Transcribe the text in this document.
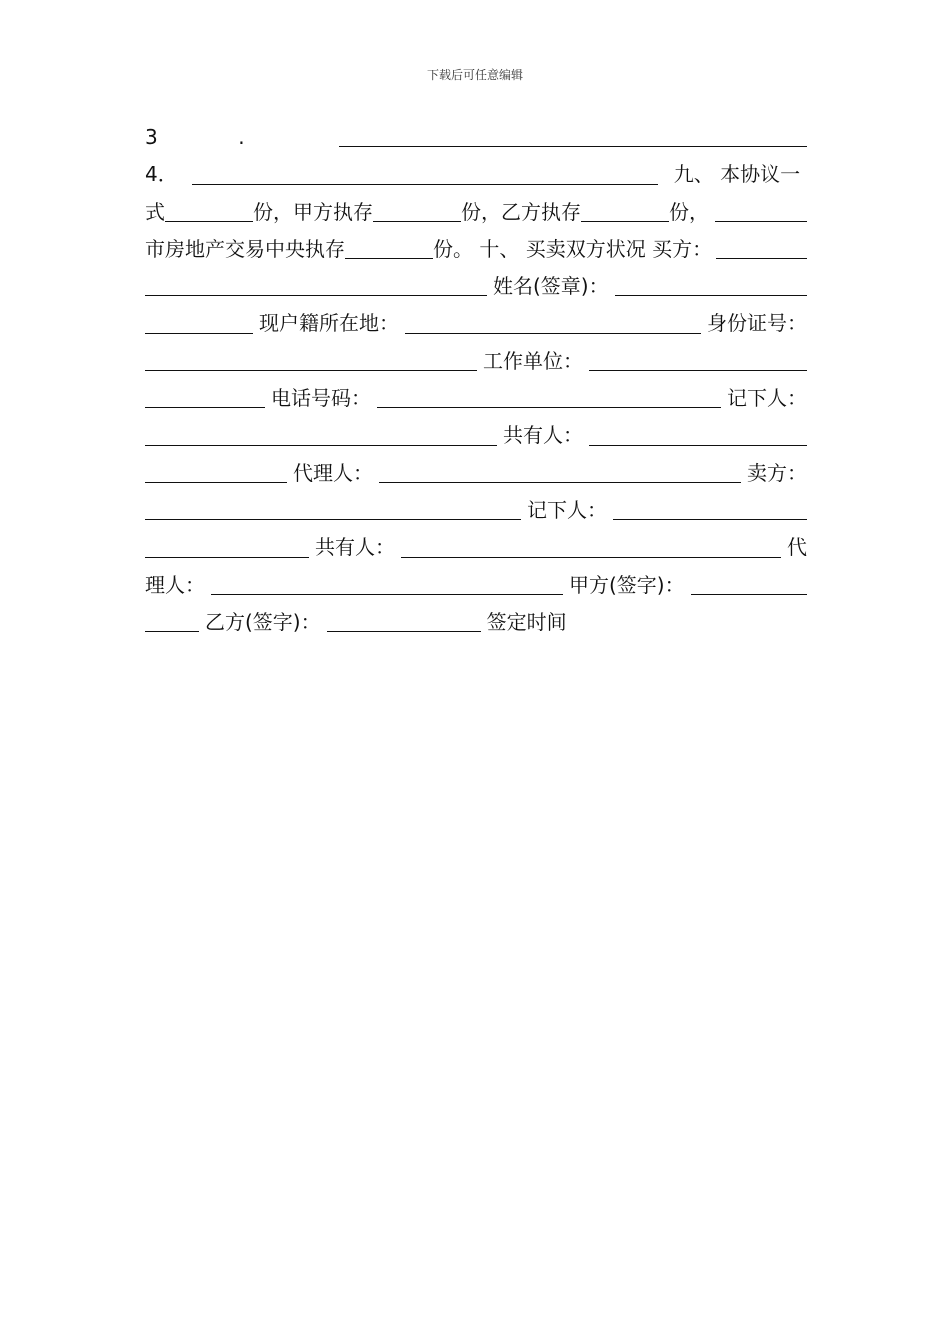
下载后可任意编辑
3	.
4．	九、 本协议一
式	份，甲方执存	份，乙方执存	份，
市房地产交易中央执存	份。 十、 买卖双方状况 买方：
姓名(签章)：
现户籍所在地：	身份证号：
工作单位：
电话号码：	记下人：
共有人：
代理人：	卖方：
记下人：
共有人：	代
理人：	甲方(签字)：
乙方(签字)：	签定时间
